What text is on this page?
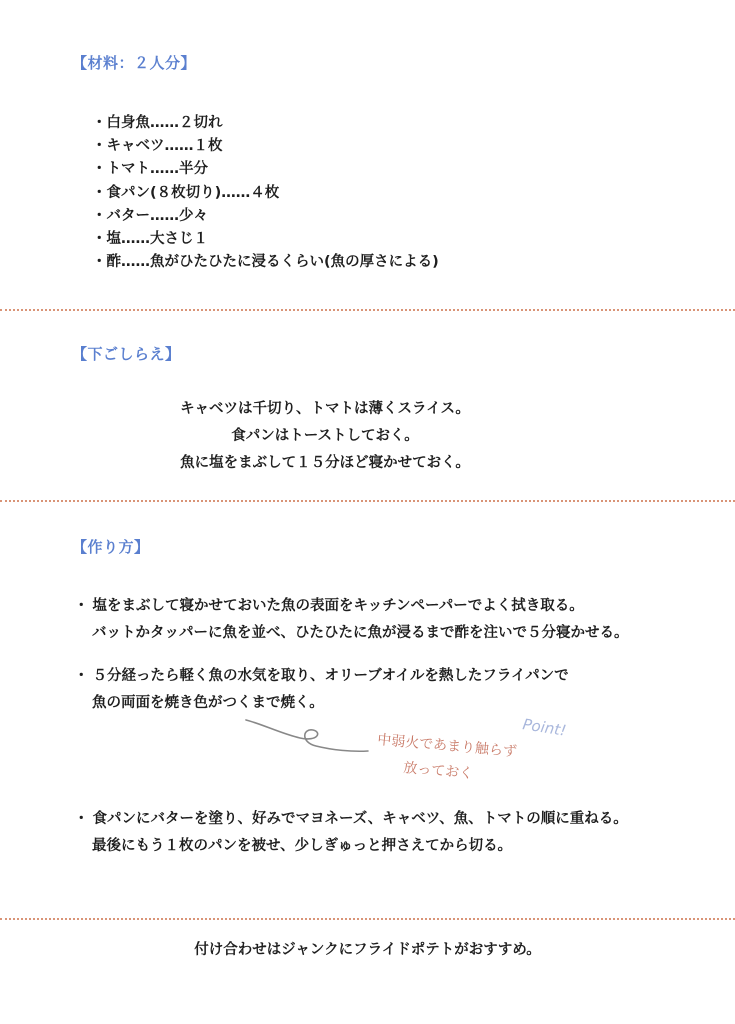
【材料：２人分】
・ 白身魚……２切れ
・ キャベツ……１枚
・ トマト……半分
・ 食パン(８枚切り)……４枚
・ バター……少々
・ 塩……大さじ１
・ 酢……魚がひたひたに浸るくらい(魚の厚さによる)
【下ごしらえ】

キャベツは千切り、トマトは薄くスライス。

食パンはトーストしておく。

魚に塩をまぶして１５分ほど寝かせておく。

【作り方】

・ 塩をまぶして寝かせておいた魚の表面をキッチンペーパーでよく拭き取る。

バットかタッパーに魚を並べ、ひたひたに魚が浸るまで酢を注いで５分寝かせる。

・ ５分経ったら軽く魚の水気を取り、オリーブオイルを熱したフライパンで

魚の両面を焼き色がつくまで焼く。

・ 食パンにバターを塗り、好みでマヨネーズ、キャベツ、魚、トマトの順に重ねる。

最後にもう１枚のパンを被せ、少しぎゅっと押さえてから切る。

Point!
中弱火であまり触らず
放っておく
付け合わせはジャンクにフライドポテトがおすすめ。
